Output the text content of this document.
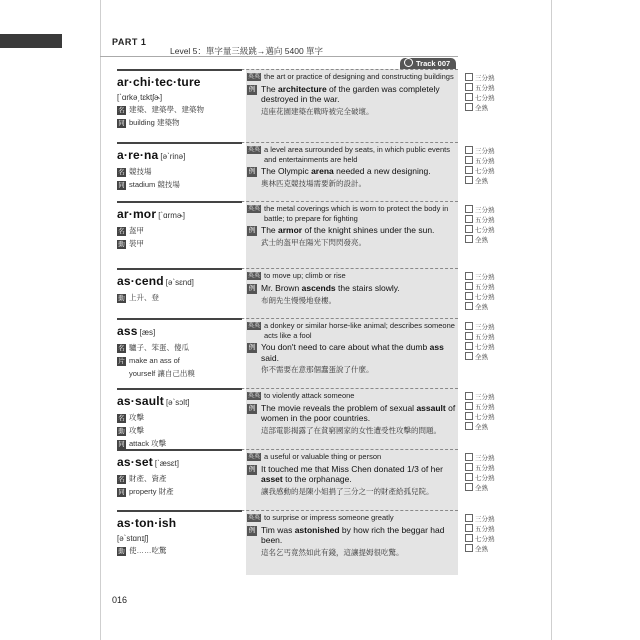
PART 1
Level 5：單字量三級跳→邁向 5400 單字
Track 007
ar·chi·tec·ture
[ˋɑrkə͵tɛktʃɚ]
名 建築、建築學、建築物
同 building 建築物
英英 the art or practice of designing and constructing buildings
例 The architecture of the garden was completely destroyed in the war.
這座花園建築在戰時被完全破壞。
三分熟
五分熟
七分熟
全熟
a·re·na [əˋrinə]
名 競技場
同 stadium 競技場
英英 a level area surrounded by seats, in which public events and entertainments are held
例 The Olympic arena needed a new designing.
奧林匹克競技場需要新的設計。
三分熟
五分熟
七分熟
全熟
ar·mor [ˋɑrmɚ]
名 盔甲
動 裝甲
英英 the metal coverings which is worn to protect the body in battle; to prepare for fighting
例 The armor of the knight shines under the sun.
武士的盔甲在陽光下閃閃發亮。
三分熟
五分熟
七分熟
全熟
as·cend [əˋsɛnd]
動 上升、登
英英 to move up; climb or rise
例 Mr. Brown ascends the stairs slowly.
布朗先生慢慢地登樓。
三分熟
五分熟
七分熟
全熟
ass [æs]
名 驢子、笨蛋、傻瓜
片 make an ass of
yourself 讓自己出糗
英英 a donkey or similar horse-like animal; describes someone acts like a fool
例 You don't need to care about what the dumb ass said.
你不需要在意那個蠢蛋說了什麼。
三分熟
五分熟
七分熟
全熟
as·sault [əˋsɔlt]
名 攻擊
動 攻擊
同 attack 攻擊
英英 to violently attack someone
例 The movie reveals the problem of sexual assault of women in the poor countries.
這部電影揭露了在貧窮國家的女性遭受性攻擊的問題。
三分熟
五分熟
七分熟
全熟
as·set [ˋæsɛt]
名 財產、資產
同 property 財產
英英 a useful or valuable thing or person
例 It touched me that Miss Chen donated 1/3 of her asset to the orphanage.
讓我感動的是陳小姐捐了三分之一的財產給孤兒院。
三分熟
五分熟
七分熟
全熟
as·ton·ish
[əˋstɑnɪʃ]
動 使……吃驚
英英 to surprise or impress someone greatly
例 Tim was astonished by how rich the beggar had been.
這名乞丐竟然如此有錢，這讓提姆很吃驚。
三分熟
五分熟
七分熟
全熟
016
